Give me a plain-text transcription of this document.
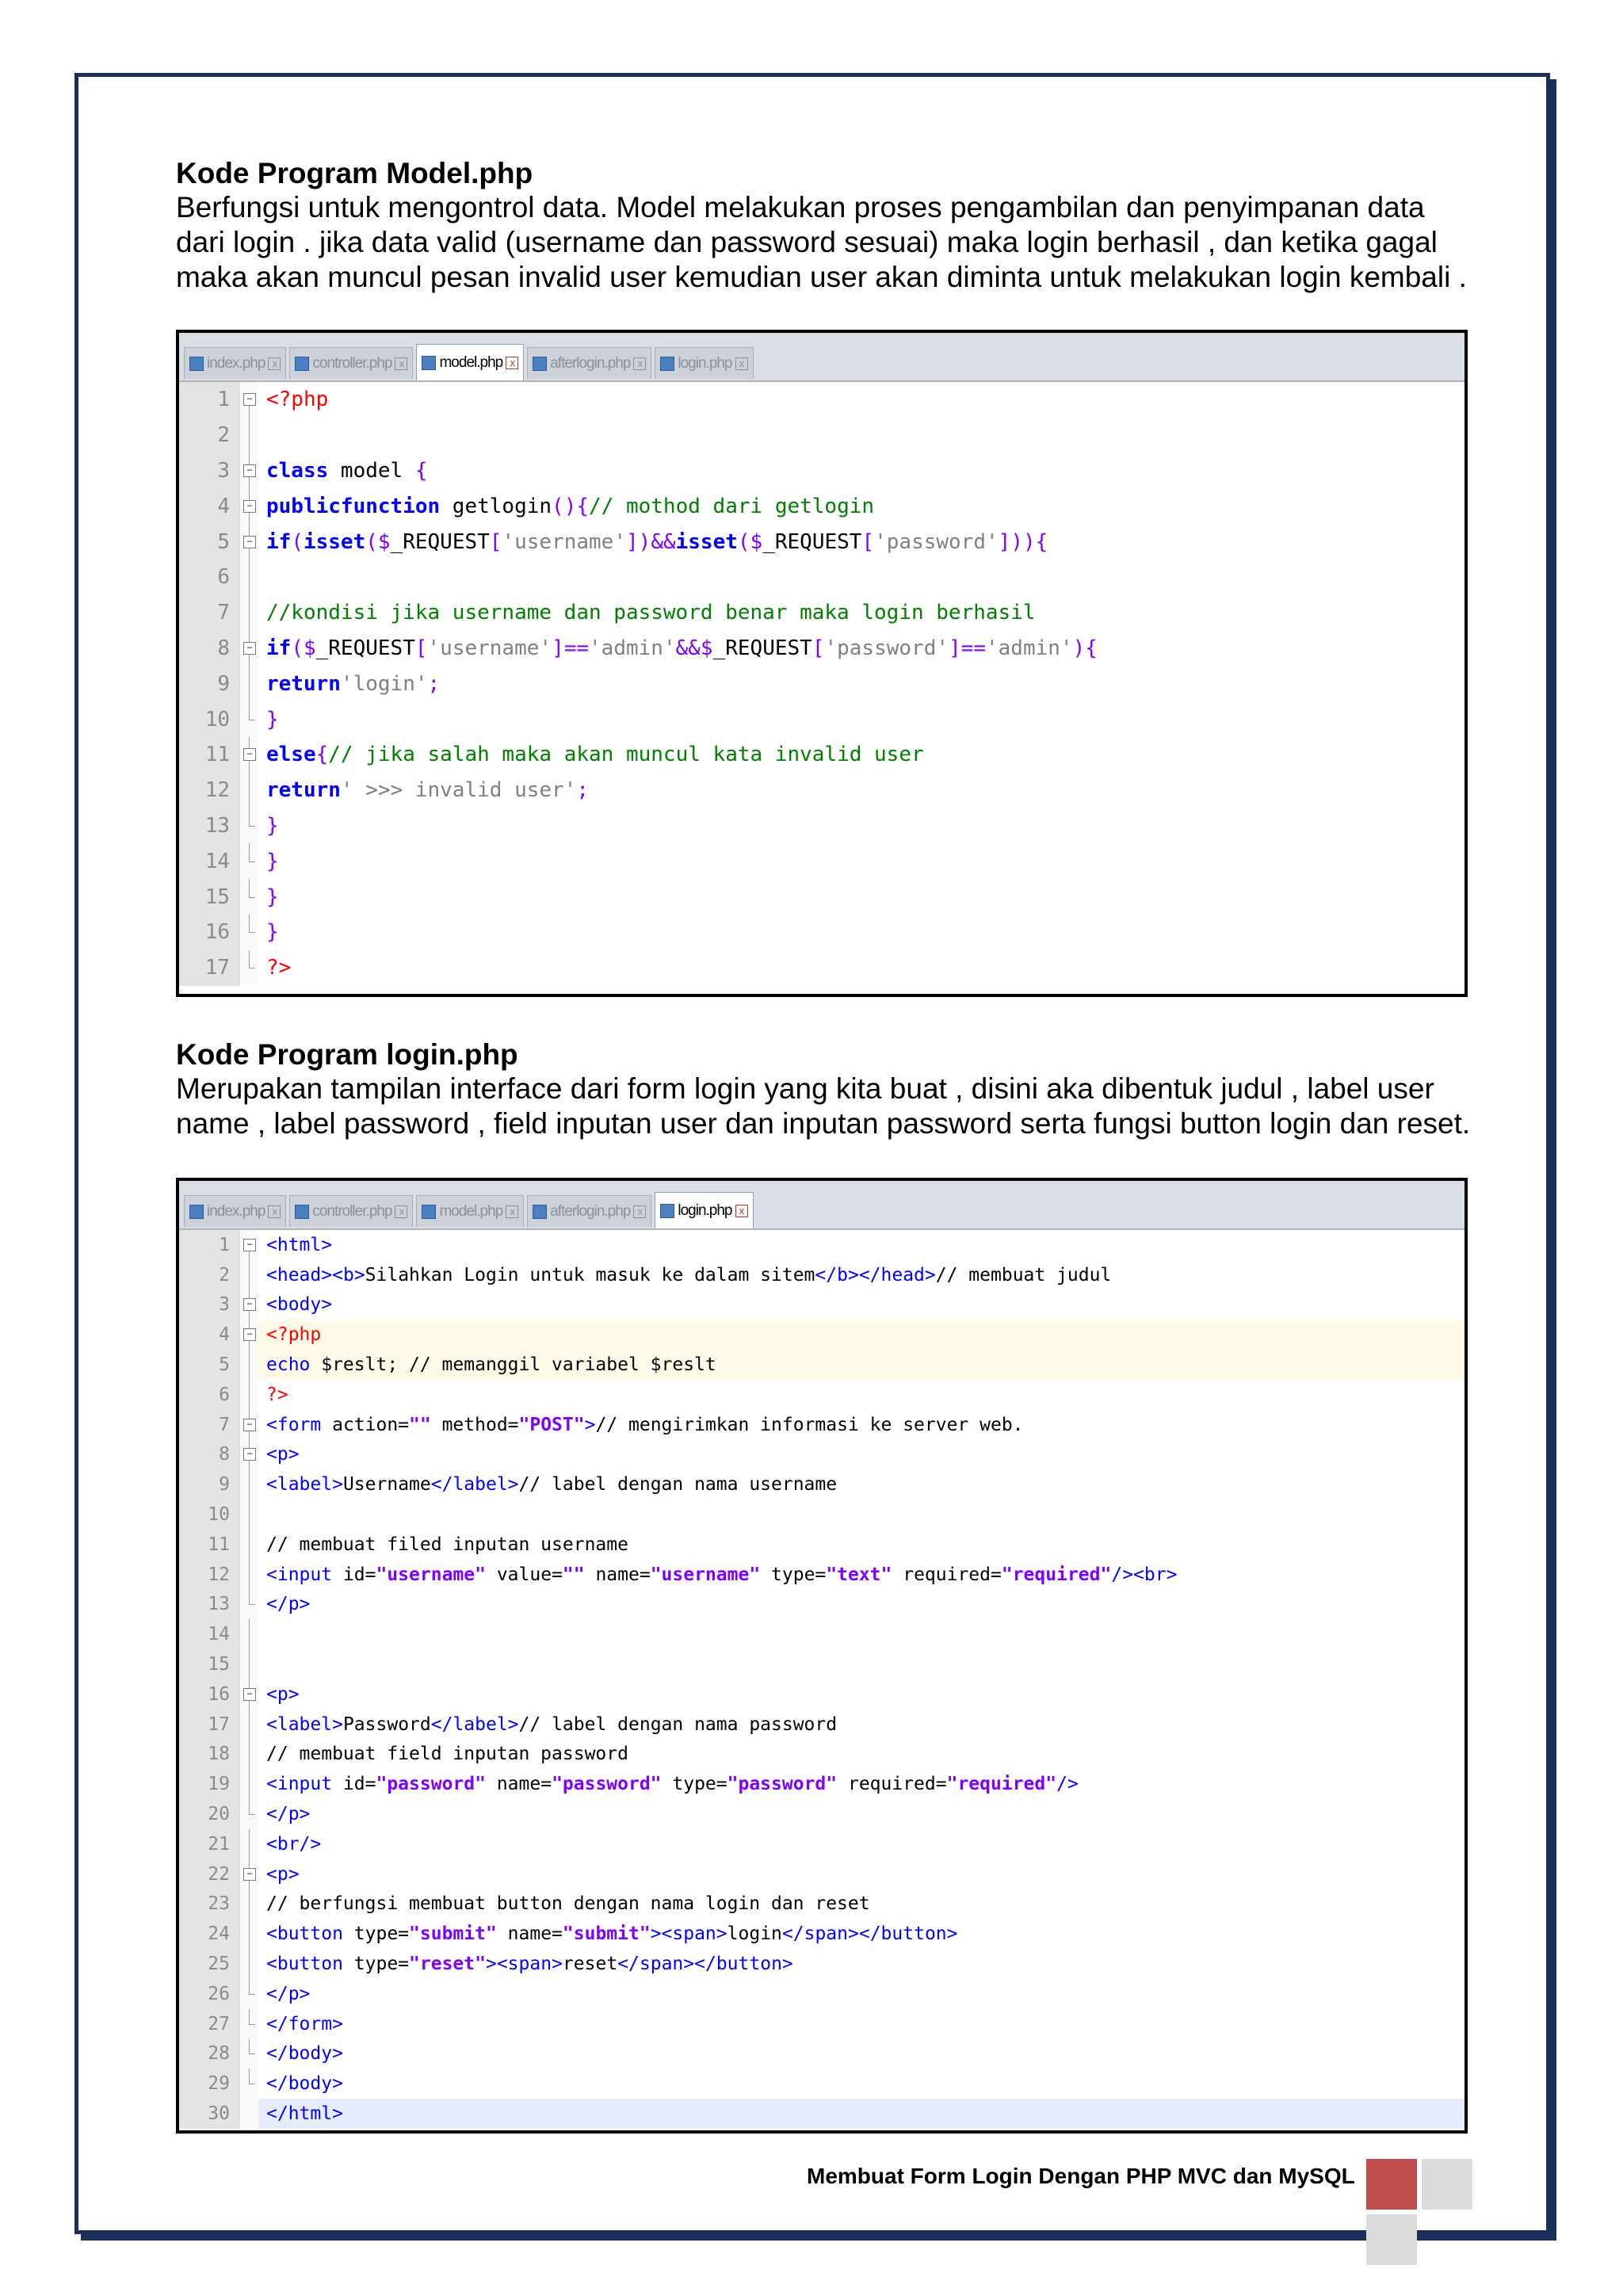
Kode Program Model.php

Berfungsi untuk mengontrol data. Model melakukan proses pengambilan dan penyimpanan data dari login . jika data valid (username dan password sesuai) maka login berhasil , dan ketika gagal maka akan muncul pesan invalid user kemudian user akan diminta untuk melakukan login kembali .

index.php x controller.php x model.php x afterlogin.php x login.php x
1 −	<?php
2
3 −	class model {
4 −	public function getlogin ( ) { // mothod dari getlogin
5 −	if ( isset ( $ _REQUEST [ 'username' ] ) & & isset ( $ _REQUEST [ 'password' ] ) ) {
6
7	//kondisi jika username dan password benar maka login berhasil
8 −	if ( $ _REQUEST [ 'username' ] = = 'admin' & & $ _REQUEST [ 'password' ] = = 'admin' ) {
9	return 'login' ;
10	}
11 −	else { // jika salah maka akan muncul kata invalid user
12	return ' >>> invalid user' ;
13	}
14	}
15	}
16	}
17	?>
Kode Program login.php

Merupakan tampilan interface dari form login yang kita buat , disini aka dibentuk judul , label user name , label password , field inputan user dan inputan password serta fungsi button login dan reset.

index.php x controller.php x model.php x afterlogin.php x login.php x
1 −	<html >
2	<head > <b > Silahkan Login untuk masuk ke dalam sitem </b > </head > // membuat judul
3 −	<body >
4 −	<?php
5	echo $reslt; // memanggil variabel $reslt
6	?>
7 −	<form action= "" method= "POST" > // mengirimkan informasi ke server web.
8 −	<p >
9	<label > Username </label > // label dengan nama username
10
11	// membuat filed inputan username
12	<input id= "username" value= "" name= "username" type= "text" required= "required" /> <br >
13	</p >
14
15
16 −	<p >
17	<label > Password </label > // label dengan nama password
18	// membuat field inputan password
19	<input id= "password" name= "password" type= "password" required= "required" />
20	</p >
21	<br />
22 −	<p >
23	// berfungsi membuat button dengan nama login dan reset
24	<button type= "submit" name= "submit" > <span > login </span > </button >
25	<button type= "reset" > <span > reset </span > </button >
26	</p >
27	</form >
28	</body >
29	</body >
30	</html >
Membuat Form Login Dengan PHP MVC dan MySQL
